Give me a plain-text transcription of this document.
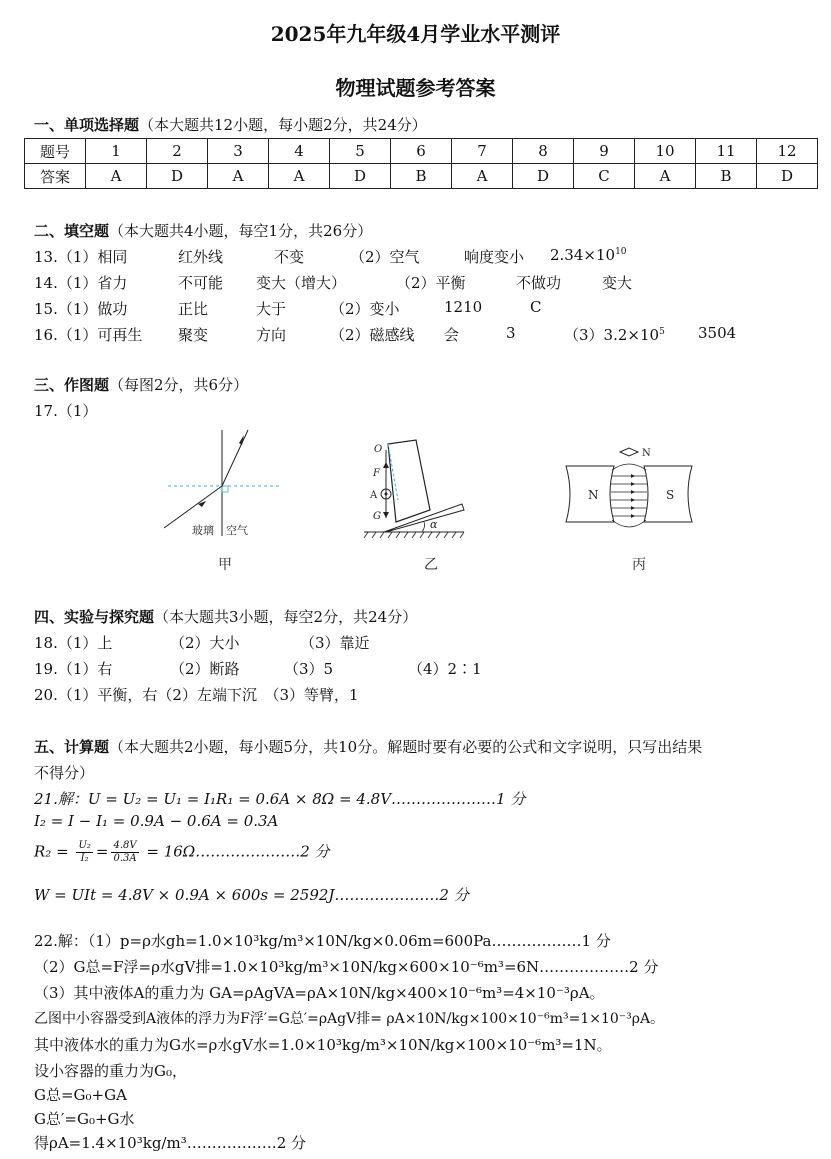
2025年九年级4月学业水平测评
物理试题参考答案
一、单项选择题（本大题共12小题，每小题2分，共24分）
题号	1	2	3	4	5	6	7	8	9	10	11	12
答案	A	D	A	A	D	B	A	D	C	A	B	D
二、填空题（本大题共4小题，每空1分，共26分）
13.（1）相同	红外线	不变	（2）空气	响度变小 $2.34\times 10^{10}$
14.（1）省力	不可能 变大（增大）	（2）平衡	不做功	变大
15.（1）做功	正比	大于	（2）变小	1210	C
16.（1）可再生 聚变	方向	（2）磁感线 会	3	$(3)3.2\times 10^5$ 3504
三、作图题（每图2分，共6分）
17.（1）
玻璃 空气
甲
O
F
A
G
α
乙
N	S
N
丙
四、实验与探究题（本大题共3小题，每空2分，共24分）
18.（1）上	（2）大小	（3）靠近
19.（1）右	（2）断路	（3）5	（4）2∶1
20.（1）平衡，右（2）左端下沉　（3）等臂，1
五、计算题（本大题共2小题，每小题5分，共10分。解题时要有必要的公式和文字说明，只写出结果
不得分）
21.解：U = U₂ = U₁ = I₁R₁ = 0.6A × 8Ω = 4.8V…………………1 分
I₂ = I − I₁ = 0.9A − 0.6A = 0.3A
$R_2 = \frac{\text{U₂}}{\text{I₂}} = \frac{4.8V}{0.3A}$ = 16Ω…………………2 分
W = UIt = 4.8V × 0.9A × 600s = 2592J…………………2 分
22.解：（1）p=ρ水gh=1.0×10³kg/m³×10N/kg×0.06m=600Pa………………1 分
（2）G总=F浮=ρ水gV排=1.0×10³kg/m³×10N/kg×600×10⁻⁶m³=6N………………2 分
（3）其中液体A的重力为 GA=ρAgVA=ρA×10N/kg×400×10⁻⁶m³=4×10⁻³ρA。
乙图中小容器受到A液体的浮力为F浮′=G总′=ρAgV排= ρA×10N/kg×100×10⁻⁶m³=1×10⁻³ρA。
其中液体水的重力为G水=ρ水gV水=1.0×10³kg/m³×10N/kg×100×10⁻⁶m³=1N。
设小容器的重力为G₀，
G总=G₀+GA
G总′=G₀+G水
得ρA=1.4×10³kg/m³………………2 分
